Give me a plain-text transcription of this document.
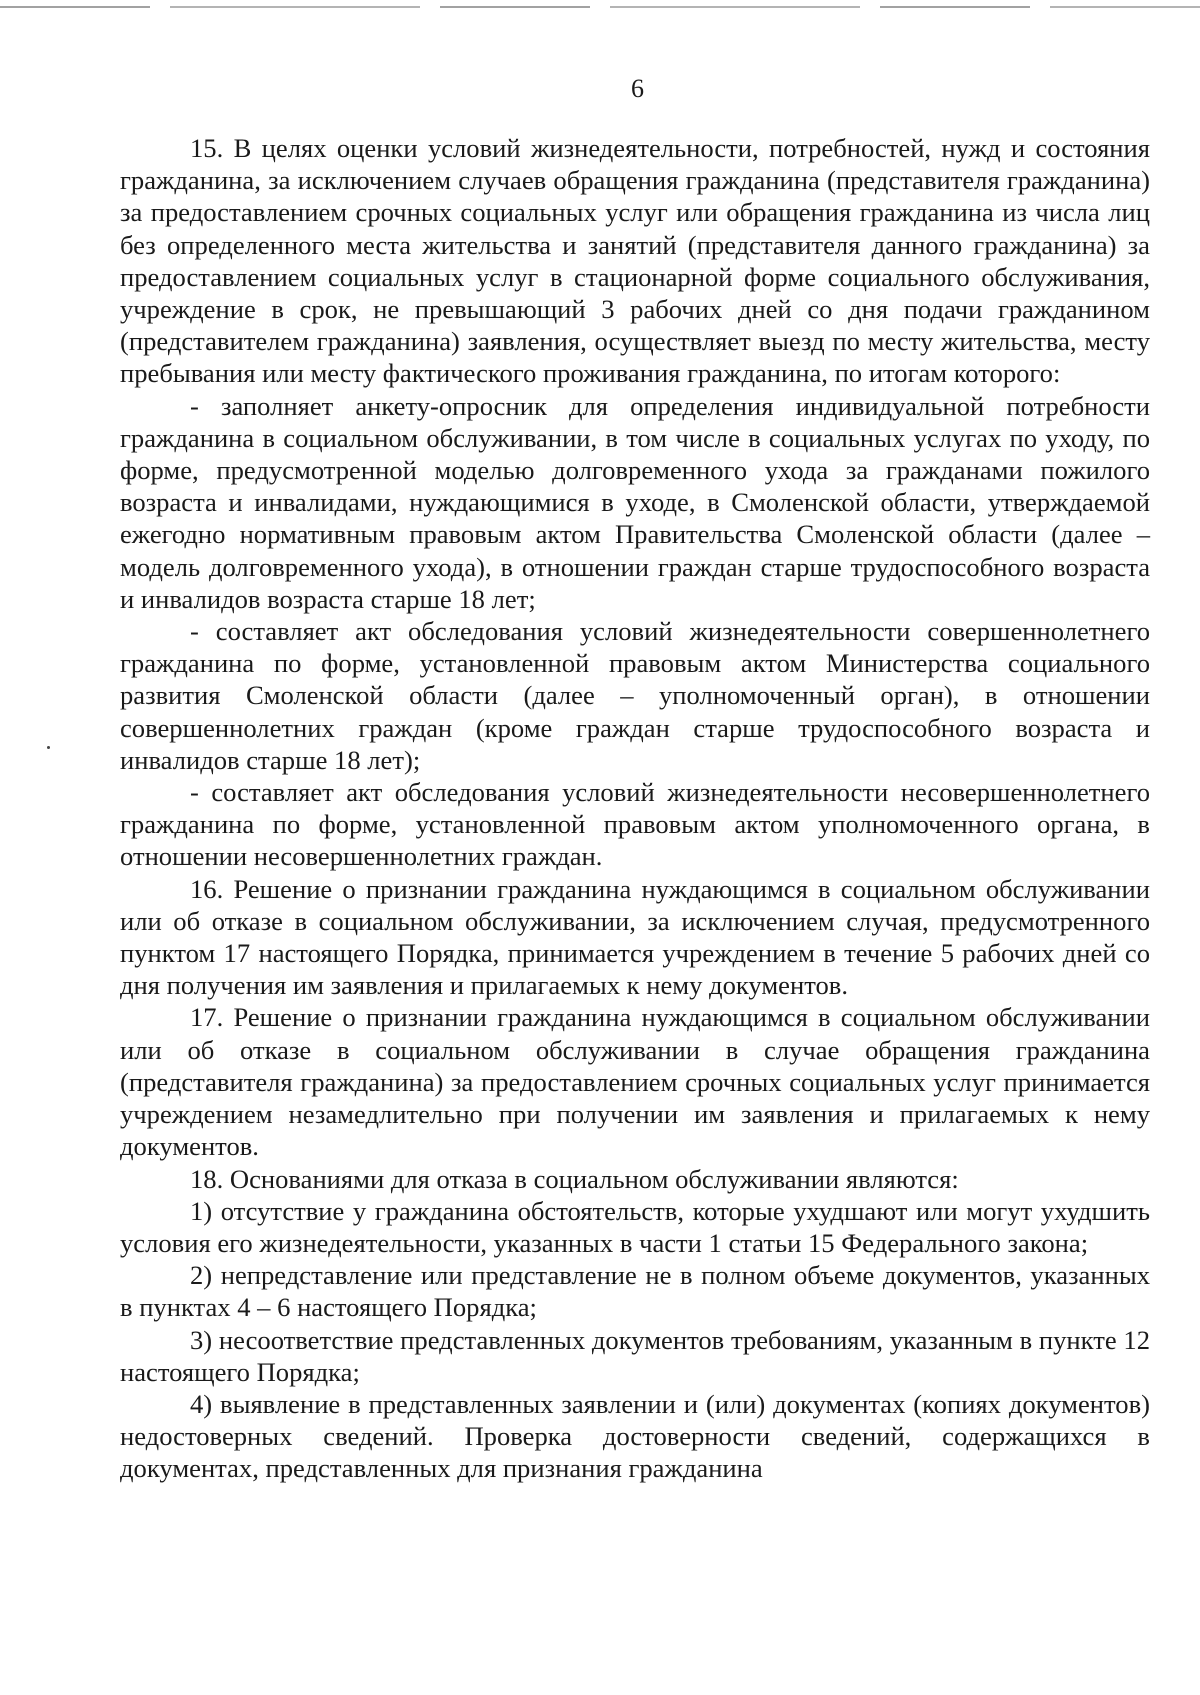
6

15. В целях оценки условий жизнедеятельности, потребностей, нужд и состояния гражданина, за исключением случаев обращения гражданина (представителя гражданина) за предоставлением срочных социальных услуг или обращения гражданина из числа лиц без определенного места жительства и занятий (представителя данного гражданина) за предоставлением социальных услуг в стационарной форме социального обслуживания, учреждение в срок, не превышающий 3 рабочих дней со дня подачи гражданином (представителем гражданина) заявления, осуществляет выезд по месту жительства, месту пребывания или месту фактического проживания гражданина, по итогам которого:

- заполняет анкету-опросник для определения индивидуальной потребности гражданина в социальном обслуживании, в том числе в социальных услугах по уходу, по форме, предусмотренной моделью долговременного ухода за гражданами пожилого возраста и инвалидами, нуждающимися в уходе, в Смоленской области, утверждаемой ежегодно нормативным правовым актом Правительства Смоленской области (далее – модель долговременного ухода), в отношении граждан старше трудоспособного возраста и инвалидов возраста старше 18 лет;

- составляет акт обследования условий жизнедеятельности совершеннолетнего гражданина по форме, установленной правовым актом Министерства социального развития Смоленской области (далее – уполномоченный орган), в отношении совершеннолетних граждан (кроме граждан старше трудоспособного возраста и инвалидов старше 18 лет);

- составляет акт обследования условий жизнедеятельности несовершеннолетнего гражданина по форме, установленной правовым актом уполномоченного органа, в отношении несовершеннолетних граждан.

16. Решение о признании гражданина нуждающимся в социальном обслуживании или об отказе в социальном обслуживании, за исключением случая, предусмотренного пунктом 17 настоящего Порядка, принимается учреждением в течение 5 рабочих дней со дня получения им заявления и прилагаемых к нему документов.

17. Решение о признании гражданина нуждающимся в социальном обслуживании или об отказе в социальном обслуживании в случае обращения гражданина (представителя гражданина) за предоставлением срочных социальных услуг принимается учреждением незамедлительно при получении им заявления и прилагаемых к нему документов.

18. Основаниями для отказа в социальном обслуживании являются:

1) отсутствие у гражданина обстоятельств, которые ухудшают или могут ухудшить условия его жизнедеятельности, указанных в части 1 статьи 15 Федерального закона;

2) непредставление или представление не в полном объеме документов, указанных в пунктах 4 – 6 настоящего Порядка;

3) несоответствие представленных документов требованиям, указанным в пункте 12 настоящего Порядка;

4) выявление в представленных заявлении и (или) документах (копиях документов) недостоверных сведений. Проверка достоверности сведений, содержащихся в документах, представленных для признания гражданина
